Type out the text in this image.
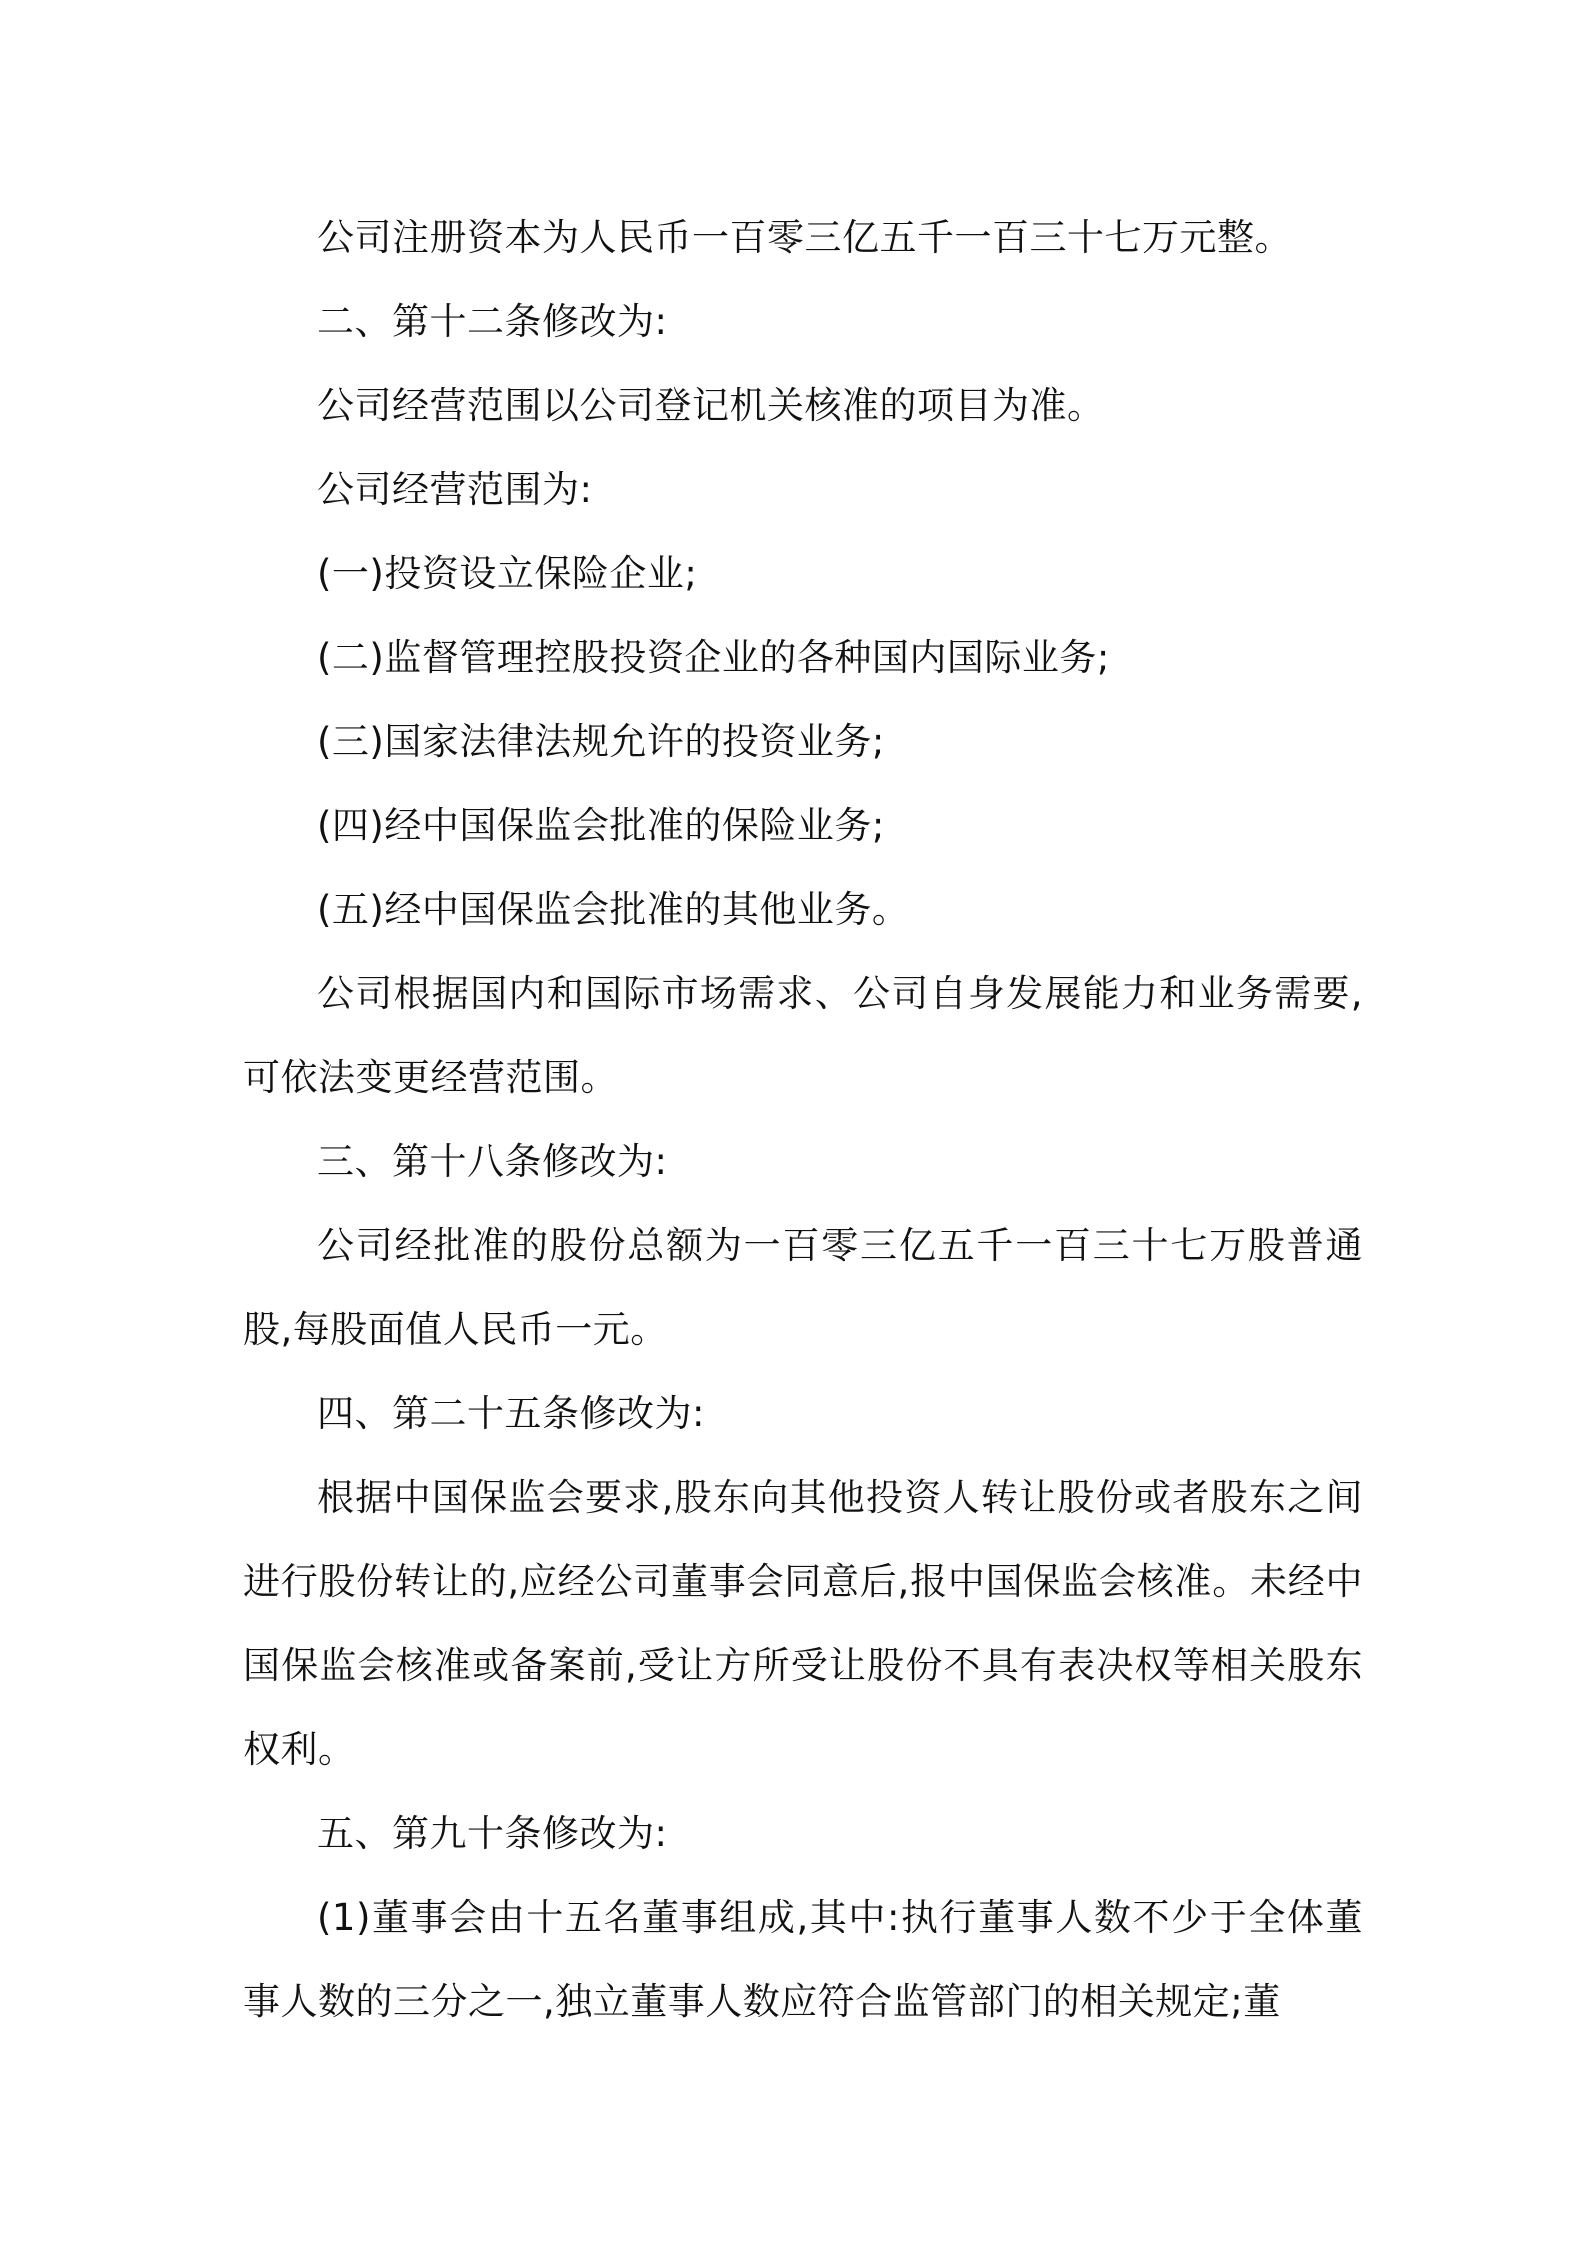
公司注册资本为人民币一百零三亿五千一百三十七万元整。

二、第十二条修改为:

公司经营范围以公司登记机关核准的项目为准。

公司经营范围为:

(一)投资设立保险企业;

(二)监督管理控股投资企业的各种国内国际业务;

(三)国家法律法规允许的投资业务;

(四)经中国保监会批准的保险业务;

(五)经中国保监会批准的其他业务。

公司根据国内和国际市场需求、公司自身发展能力和业务需要,可依法变更经营范围。

三、第十八条修改为:

公司经批准的股份总额为一百零三亿五千一百三十七万股普通股,每股面值人民币一元。

四、第二十五条修改为:

根据中国保监会要求,股东向其他投资人转让股份或者股东之间进行股份转让的,应经公司董事会同意后,报中国保监会核准。未经中国保监会核准或备案前,受让方所受让股份不具有表决权等相关股东权利。

五、第九十条修改为:

(1)董事会由十五名董事组成,其中:执行董事人数不少于全体董事人数的三分之一,独立董事人数应符合监管部门的相关规定;董
